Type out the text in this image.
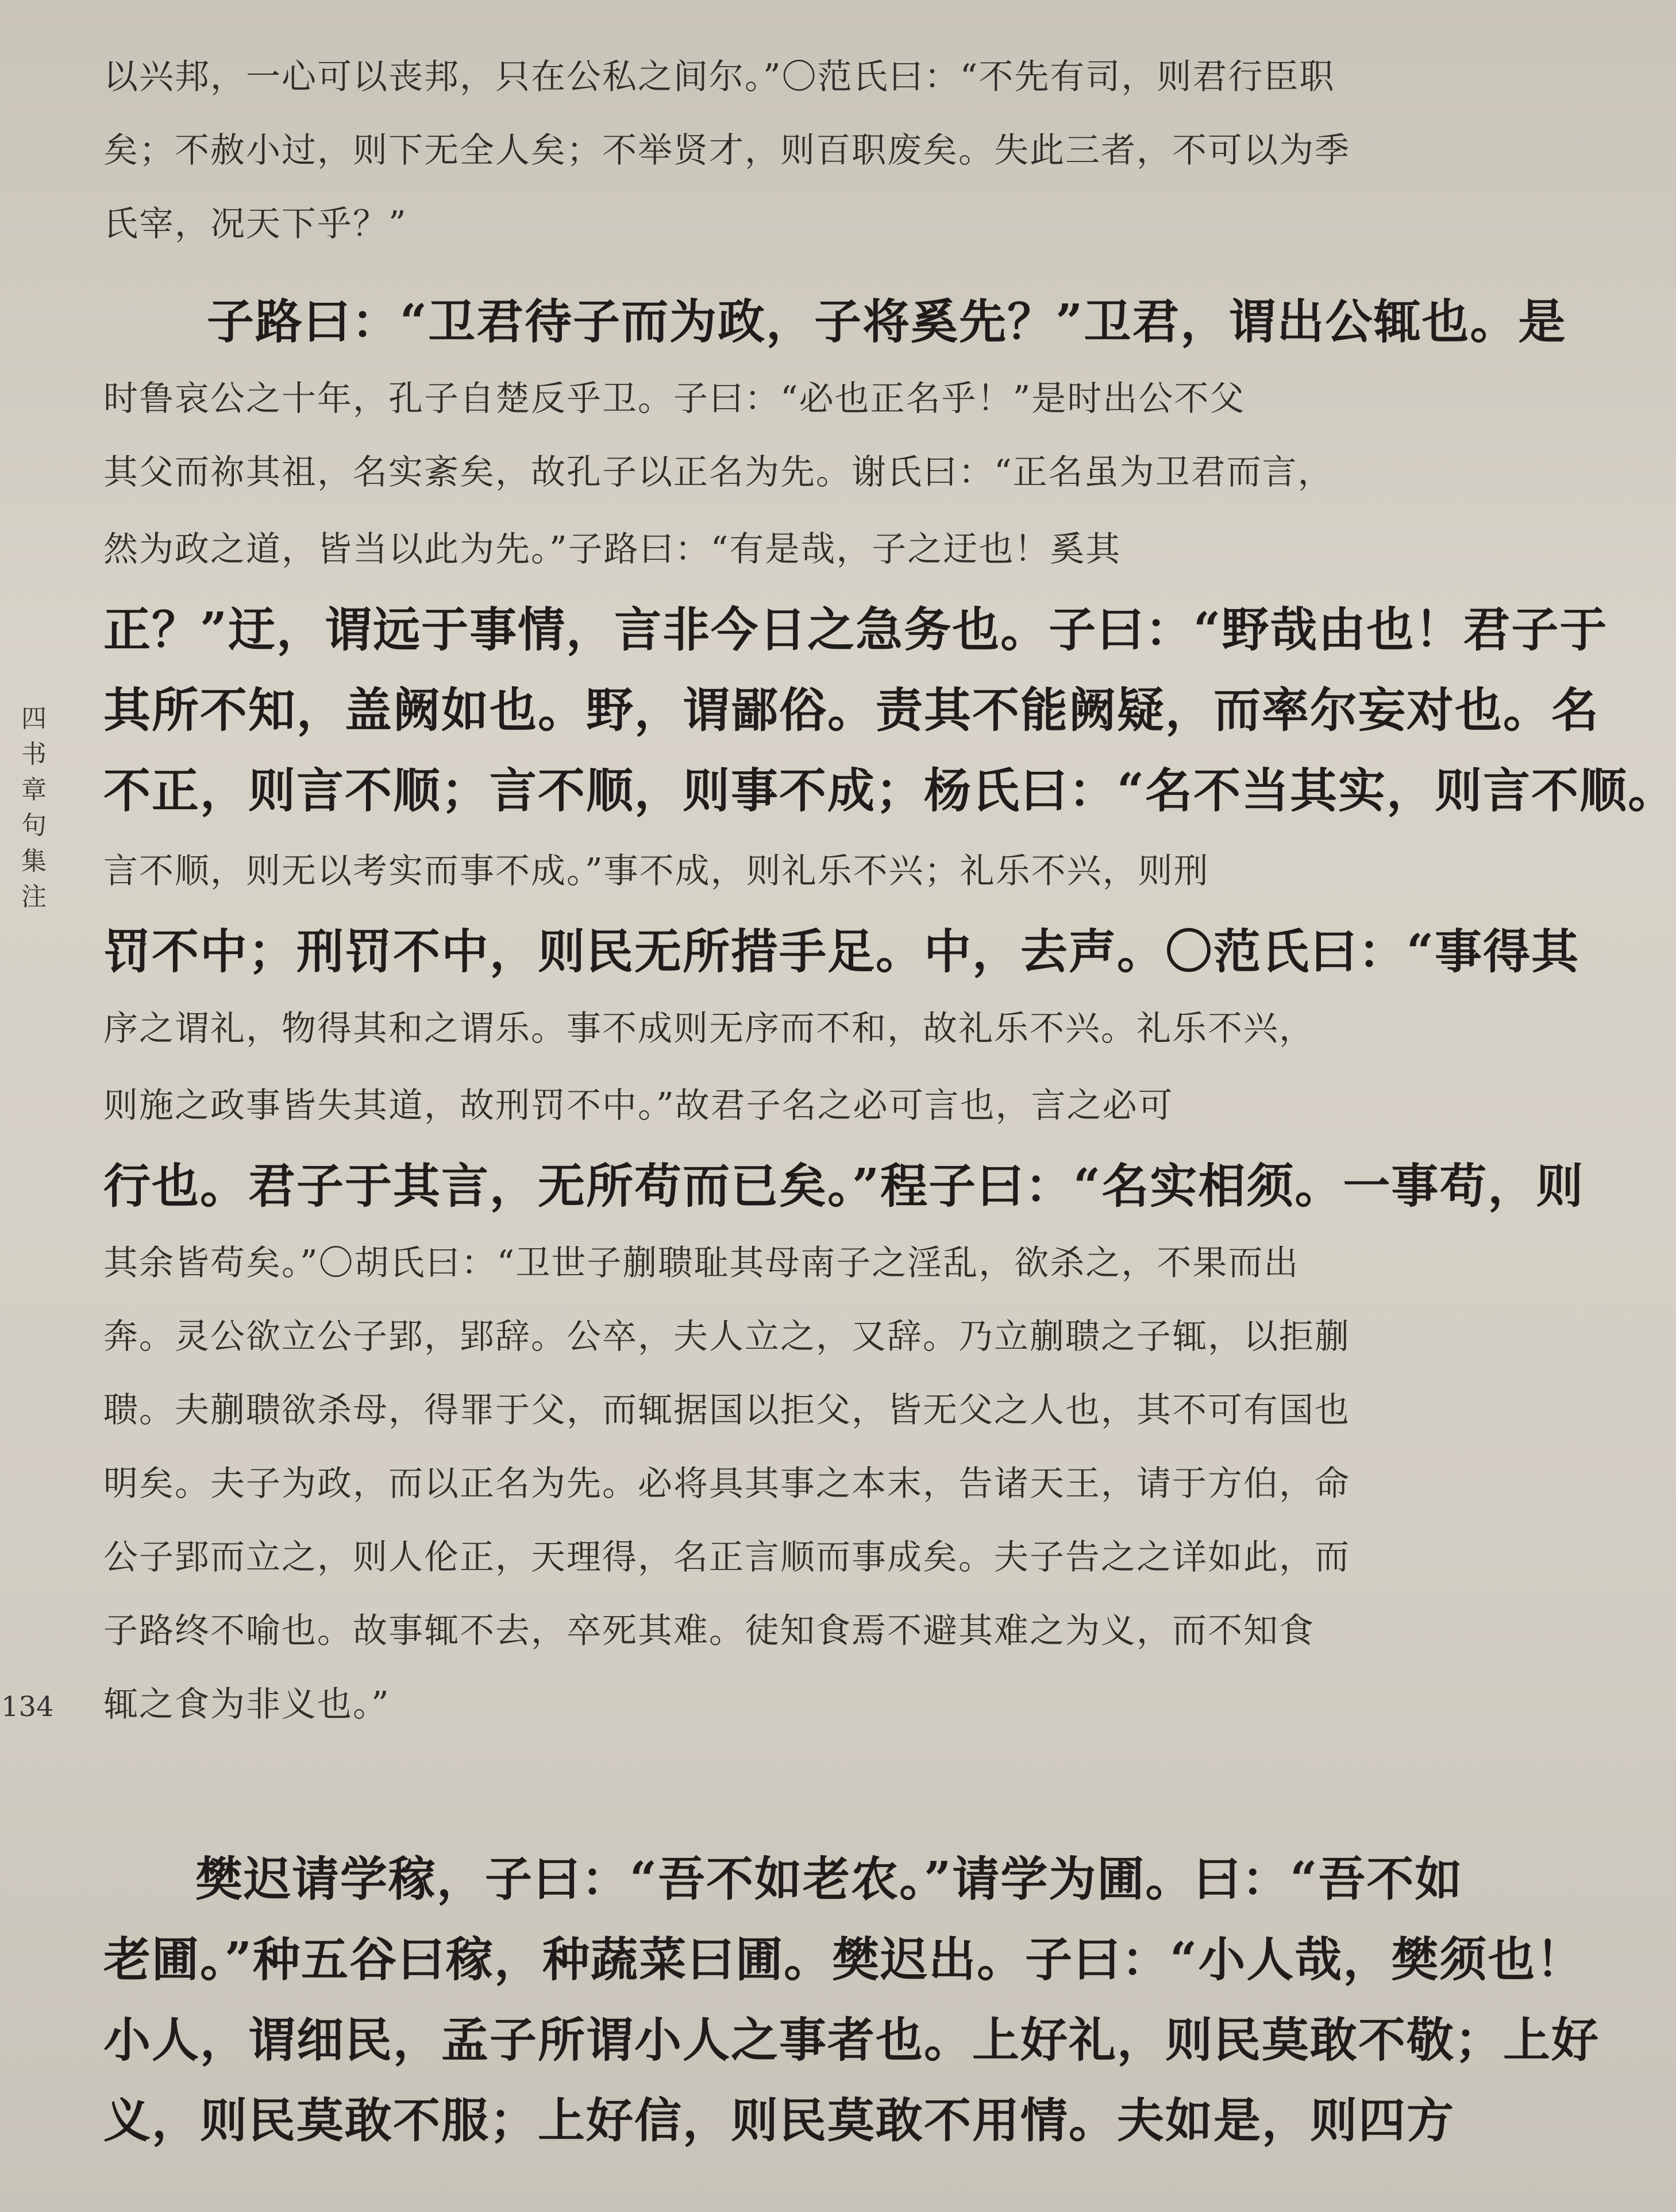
四书章句集注
134
以兴邦，一心可以丧邦，只在公私之间尔。”〇范氏曰：“不先有司，则君行臣职
矣；不赦小过，则下无全人矣；不举贤才，则百职废矣。失此三者，不可以为季
氏宰，况天下乎？”
子路曰：“卫君待子而为政，子将奚先？”卫君，谓出公辄也。是
时鲁哀公之十年，孔子自楚反乎卫。子曰：“必也正名乎！”是时出公不父
其父而祢其祖，名实紊矣，故孔子以正名为先。谢氏曰：“正名虽为卫君而言，
然为政之道，皆当以此为先。”子路曰：“有是哉，子之迂也！奚其
正？”迂，谓远于事情，言非今日之急务也。子曰：“野哉由也！君子于
其所不知，盖阙如也。野，谓鄙俗。责其不能阙疑，而率尔妄对也。名
不正，则言不顺；言不顺，则事不成；杨氏曰：“名不当其实，则言不顺。
言不顺，则无以考实而事不成。”事不成，则礼乐不兴；礼乐不兴，则刑
罚不中；刑罚不中，则民无所措手足。中，去声。〇范氏曰：“事得其
序之谓礼，物得其和之谓乐。事不成则无序而不和，故礼乐不兴。礼乐不兴，
则施之政事皆失其道，故刑罚不中。”故君子名之必可言也，言之必可
行也。君子于其言，无所苟而已矣。”程子曰：“名实相须。一事苟，则
其余皆苟矣。”〇胡氏曰：“卫世子蒯聩耻其母南子之淫乱，欲杀之，不果而出
奔。灵公欲立公子郢，郢辞。公卒，夫人立之，又辞。乃立蒯聩之子辄，以拒蒯
聩。夫蒯聩欲杀母，得罪于父，而辄据国以拒父，皆无父之人也，其不可有国也
明矣。夫子为政，而以正名为先。必将具其事之本末，告诸天王，请于方伯，命
公子郢而立之，则人伦正，天理得，名正言顺而事成矣。夫子告之之详如此，而
子路终不喻也。故事辄不去，卒死其难。徒知食焉不避其难之为义，而不知食
辄之食为非义也。”
樊迟请学稼，子曰：“吾不如老农。”请学为圃。曰：“吾不如
老圃。”种五谷曰稼，种蔬菜曰圃。樊迟出。子曰：“小人哉，樊须也！
小人，谓细民，孟子所谓小人之事者也。上好礼，则民莫敢不敬；上好
义，则民莫敢不服；上好信，则民莫敢不用情。夫如是，则四方
